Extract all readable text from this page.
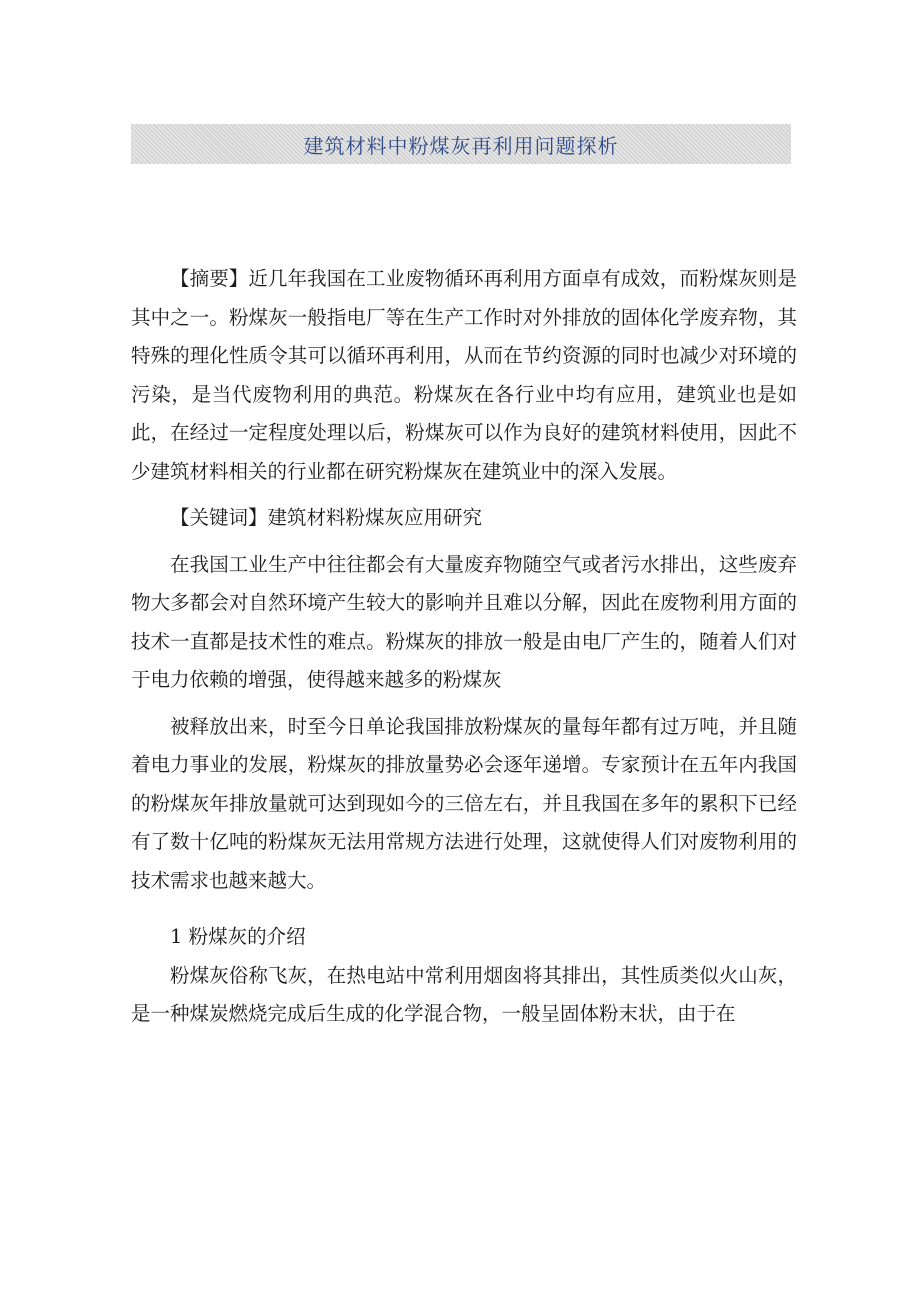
建筑材料中粉煤灰再利用问题探析

【摘要】近几年我国在工业废物循环再利用方面卓有成效，而粉煤灰则是其中之一。粉煤灰一般指电厂等在生产工作时对外排放的固体化学废弃物，其特殊的理化性质令其可以循环再利用，从而在节约资源的同时也减少对环境的污染，是当代废物利用的典范。粉煤灰在各行业中均有应用，建筑业也是如此，在经过一定程度处理以后，粉煤灰可以作为良好的建筑材料使用，因此不少建筑材料相关的行业都在研究粉煤灰在建筑业中的深入发展。

【关键词】建筑材料粉煤灰应用研究

在我国工业生产中往往都会有大量废弃物随空气或者污水排出，这些废弃物大多都会对自然环境产生较大的影响并且难以分解，因此在废物利用方面的技术一直都是技术性的难点。粉煤灰的排放一般是由电厂产生的，随着人们对于电力依赖的增强，使得越来越多的粉煤灰

被释放出来，时至今日单论我国排放粉煤灰的量每年都有过万吨，并且随着电力事业的发展，粉煤灰的排放量势必会逐年递增。专家预计在五年内我国的粉煤灰年排放量就可达到现如今的三倍左右，并且我国在多年的累积下已经有了数十亿吨的粉煤灰无法用常规方法进行处理，这就使得人们对废物利用的技术需求也越来越大。

1 粉煤灰的介绍

粉煤灰俗称飞灰，在热电站中常利用烟囱将其排出，其性质类似火山灰，是一种煤炭燃烧完成后生成的化学混合物，一般呈固体粉末状，由于在
